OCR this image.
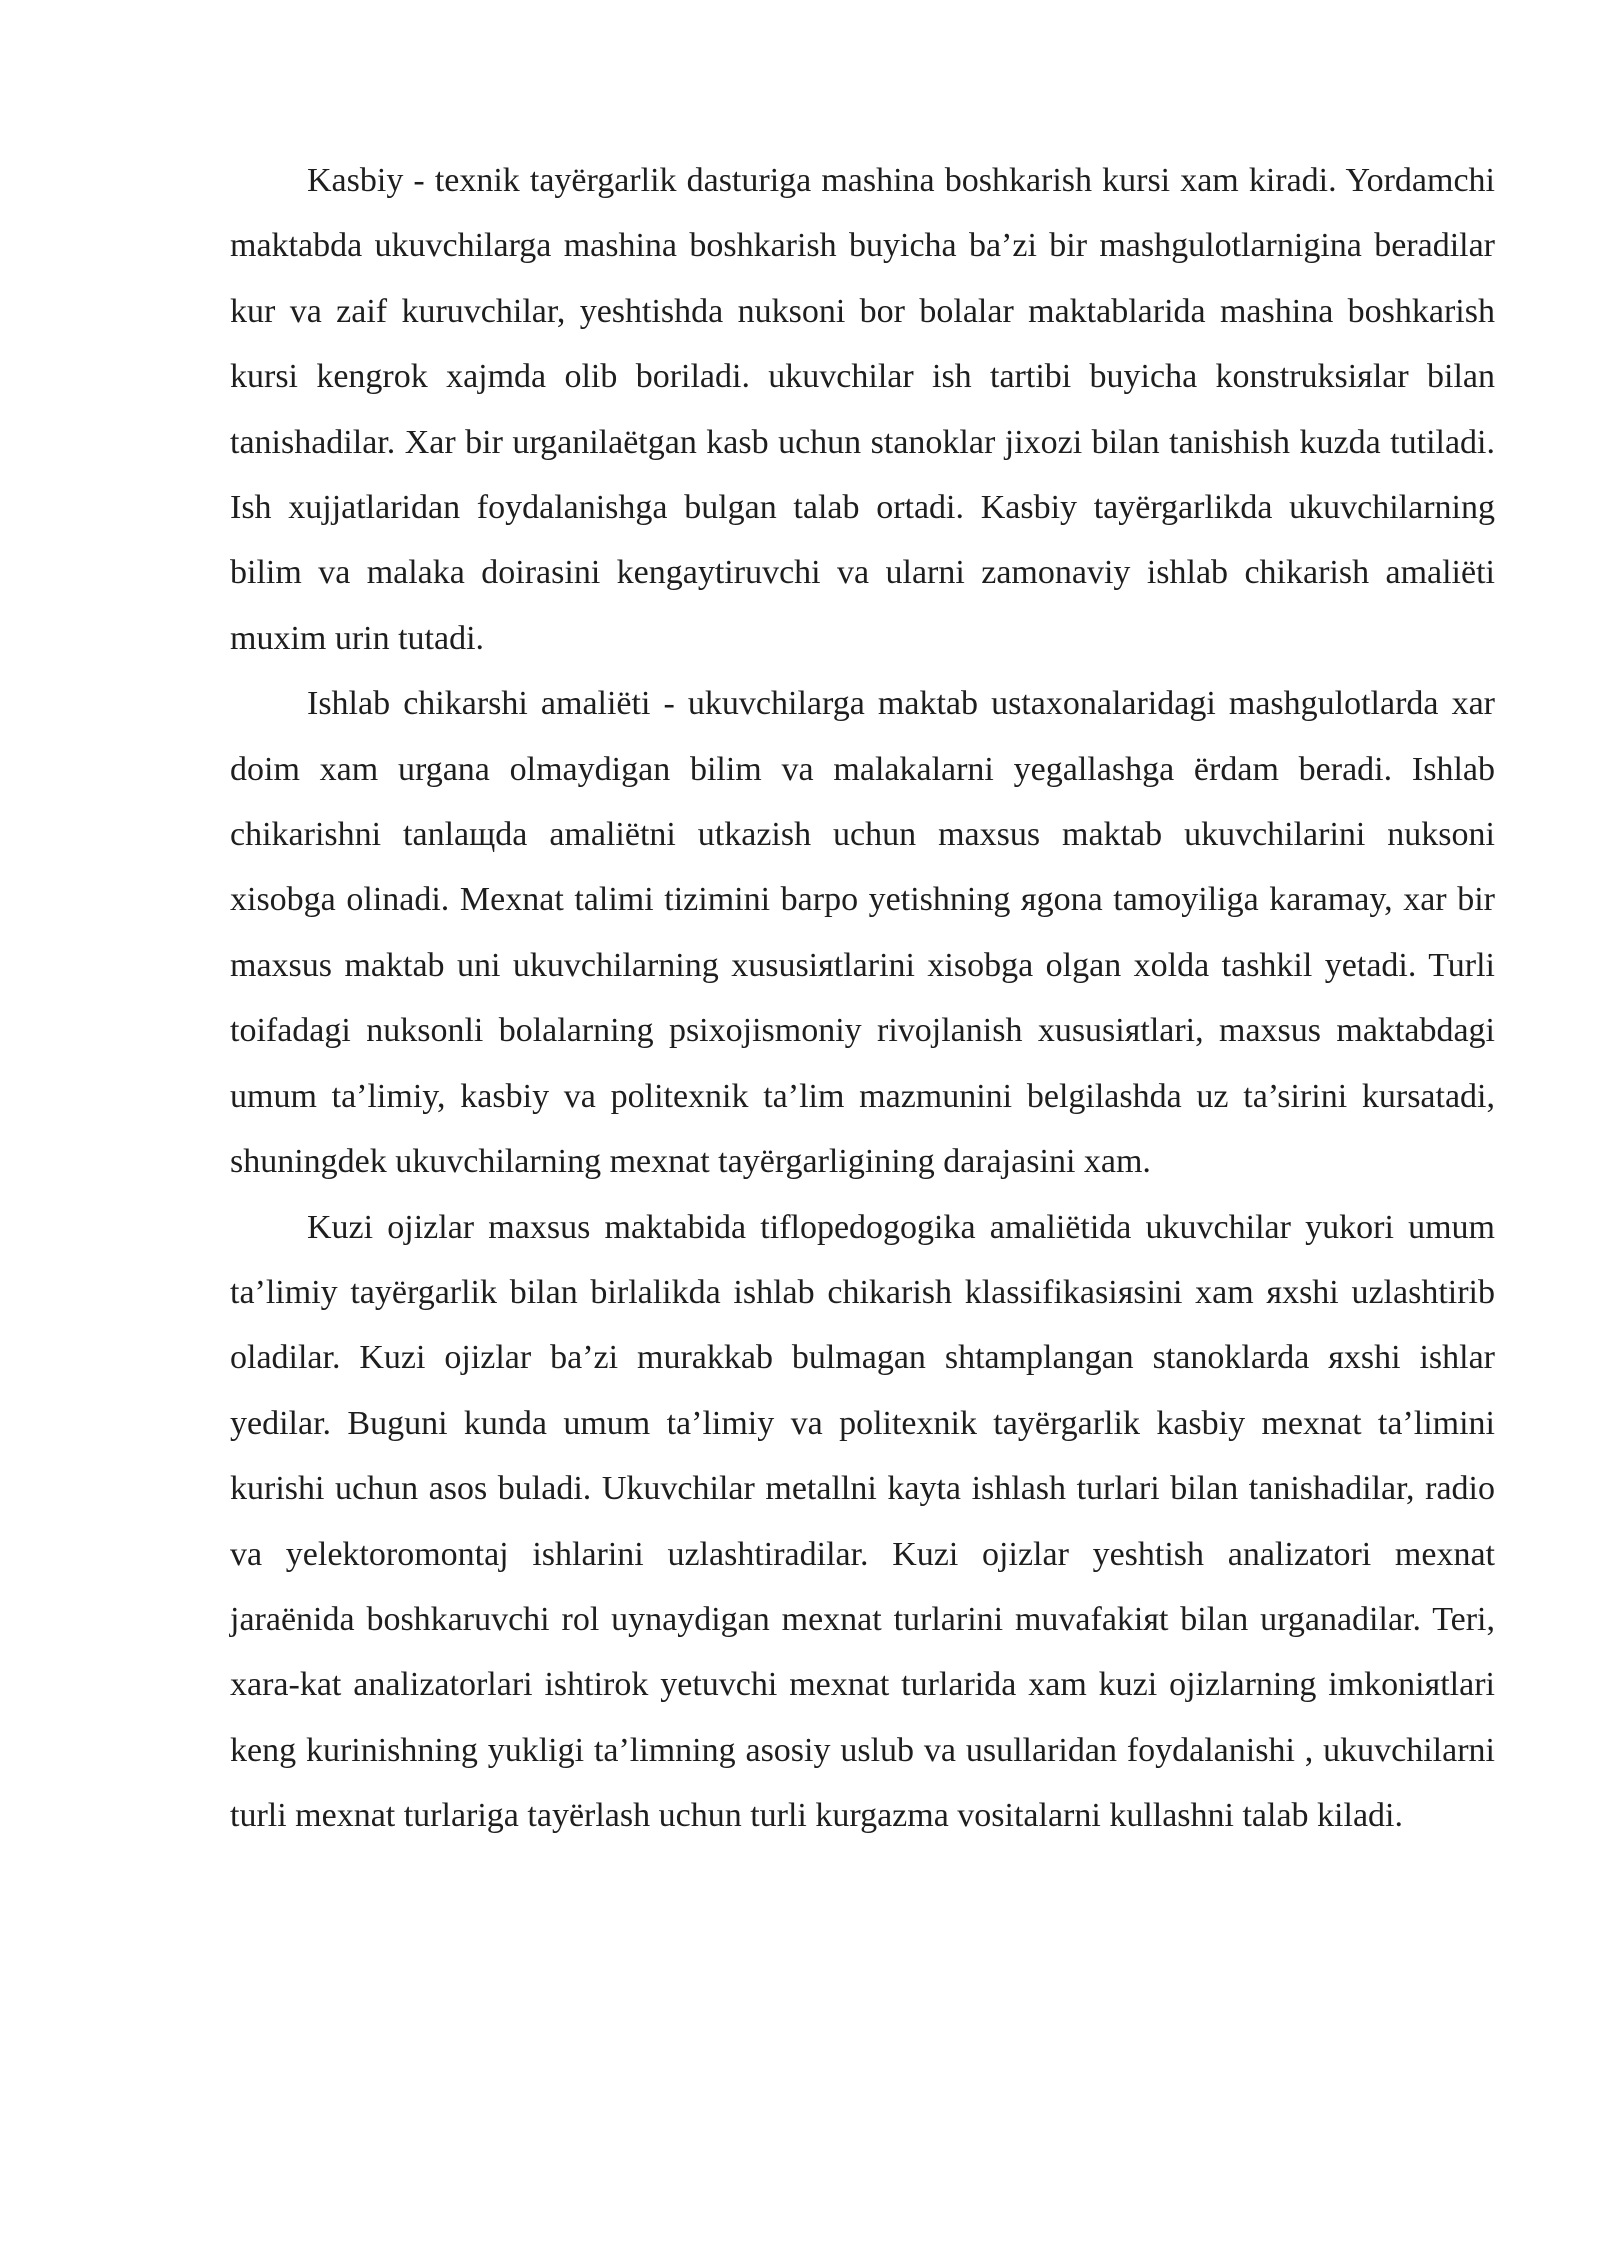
Kasbiy - texnik tayërgarlik dasturiga mashina boshkarish kursi xam kiradi. Yordamchi maktabda ukuvchilarga mashina boshkarish buyicha ba’zi bir mashgulotlarnigina beradilar kur va zaif kuruvchilar, yeshtishda nuksoni bor bolalar maktablarida mashina boshkarish kursi kengrok xajmda olib boriladi. ukuvchilar ish tartibi buyicha konstruksiяlar bilan tanishadilar. Xar bir urganilaëtgan kasb uchun stanoklar jixozi bilan tanishish kuzda tutiladi. Ish xujjatlaridan foydalanishga bulgan talab ortadi. Kasbiy tayërgarlikda ukuvchilarning bilim va malaka doirasini kengaytiruvchi va ularni zamonaviy ishlab chikarish amaliëti muxim urin tutadi.

Ishlab chikarshi amaliëti - ukuvchilarga maktab ustaxonalaridagi mashgulotlarda xar doim xam urgana olmaydigan bilim va malakalarni yegallashga ërdam beradi. Ishlab chikarishni tanlaщda amaliëtni utkazish uchun maxsus maktab ukuvchilarini nuksoni xisobga olinadi. Mexnat talimi tizimini barpo yetishning яgona tamoyiliga karamay, xar bir maxsus maktab uni ukuvchilarning xususiяtlarini xisobga olgan xolda tashkil yetadi. Turli toifadagi nuksonli bolalarning psixojismoniy rivojlanish xususiяtlari, maxsus maktabdagi umum ta’limiy, kasbiy va politexnik ta’lim mazmunini belgilashda uz ta’sirini kursatadi, shuningdek ukuvchilarning mexnat tayërgarligining darajasini xam.

Kuzi ojizlar maxsus maktabida tiflopedogogika amaliëtida ukuvchilar yukori umum ta’limiy tayërgarlik bilan birlalikda ishlab chikarish klassifikasiяsini xam яxshi uzlashtirib oladilar. Kuzi ojizlar ba’zi murakkab bulmagan shtamplangan stanoklarda яxshi ishlar yedilar. Buguni kunda umum ta’limiy va politexnik tayërgarlik kasbiy mexnat ta’limini kurishi uchun asos buladi. Ukuvchilar metallni kayta ishlash turlari bilan tanishadilar, radio va yelektoromontaj ishlarini uzlashtiradilar. Kuzi ojizlar yeshtish analizatori mexnat jaraënida boshkaruvchi rol uynaydigan mexnat turlarini muvafakiяt bilan urganadilar. Teri, xara-kat analizatorlari ishtirok yetuvchi mexnat turlarida xam kuzi ojizlarning imkoniяtlari keng kurinishning yukligi ta’limning asosiy uslub va usullaridan foydalanishi , ukuvchilarni turli mexnat turlariga tayërlash uchun turli kurgazma vositalarni kullashni talab kiladi.
